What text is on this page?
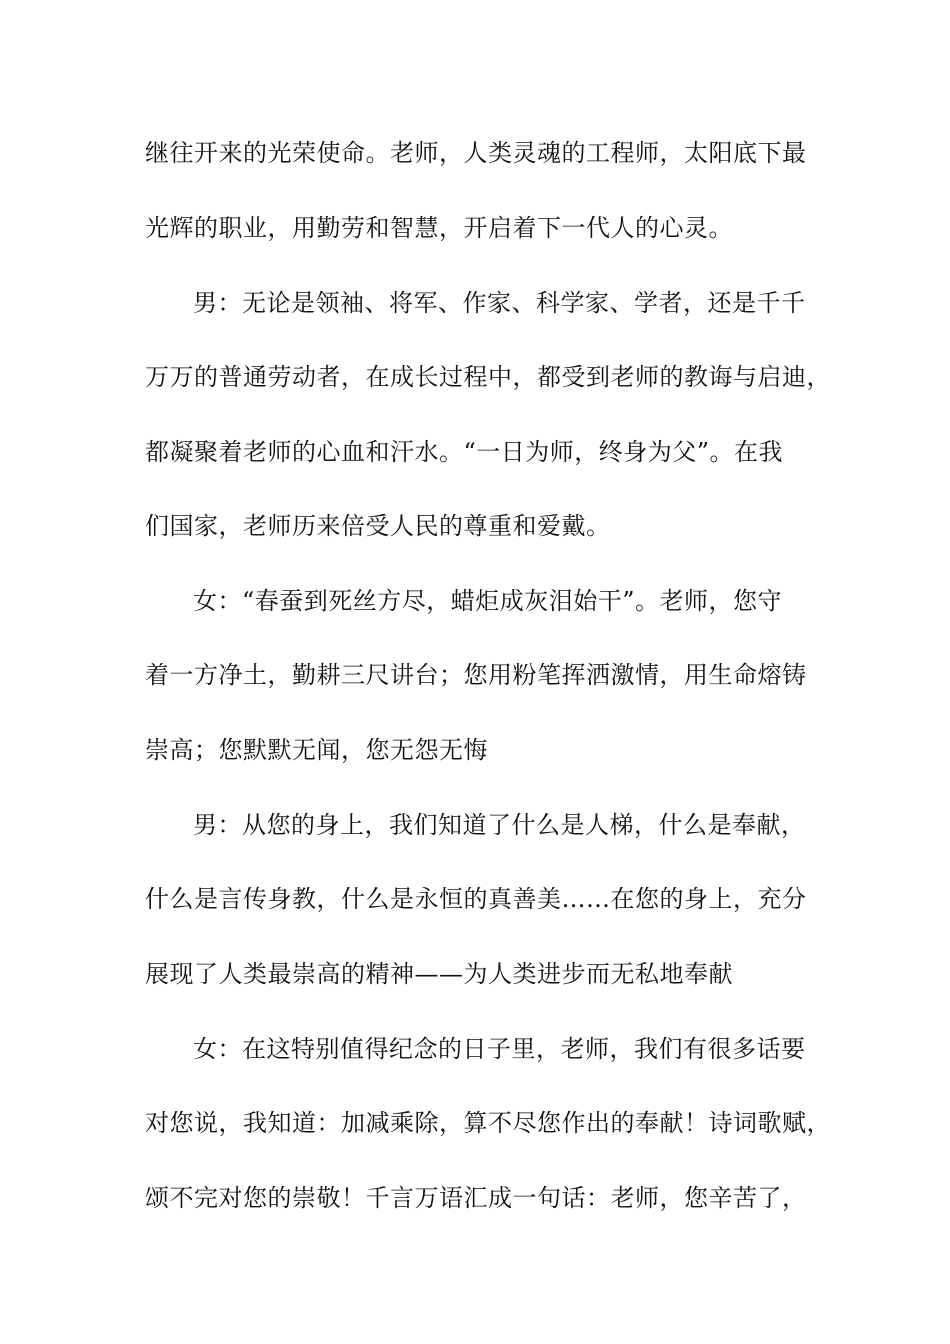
继往开来的光荣使命。老师，人类灵魂的工程师，太阳底下最
光辉的职业，用勤劳和智慧，开启着下一代人的心灵。
男：无论是领袖、将军、作家、科学家、学者，还是千千
万万的普通劳动者，在成长过程中，都受到老师的教诲与启迪，
都凝聚着老师的心血和汗水。“一日为师，终身为父”。在我
们国家，老师历来倍受人民的尊重和爱戴。
女：“春蚕到死丝方尽，蜡炬成灰泪始干”。老师，您守
着一方净土，勤耕三尺讲台；您用粉笔挥洒激情，用生命熔铸
崇高；您默默无闻，您无怨无悔
男：从您的身上，我们知道了什么是人梯，什么是奉献，
什么是言传身教，什么是永恒的真善美……在您的身上，充分
展现了人类最崇高的精神——为人类进步而无私地奉献
女：在这特别值得纪念的日子里，老师，我们有很多话要
对您说，我知道：加减乘除，算不尽您作出的奉献！诗词歌赋，
颂不完对您的崇敬！千言万语汇成一句话：老师，您辛苦了，
